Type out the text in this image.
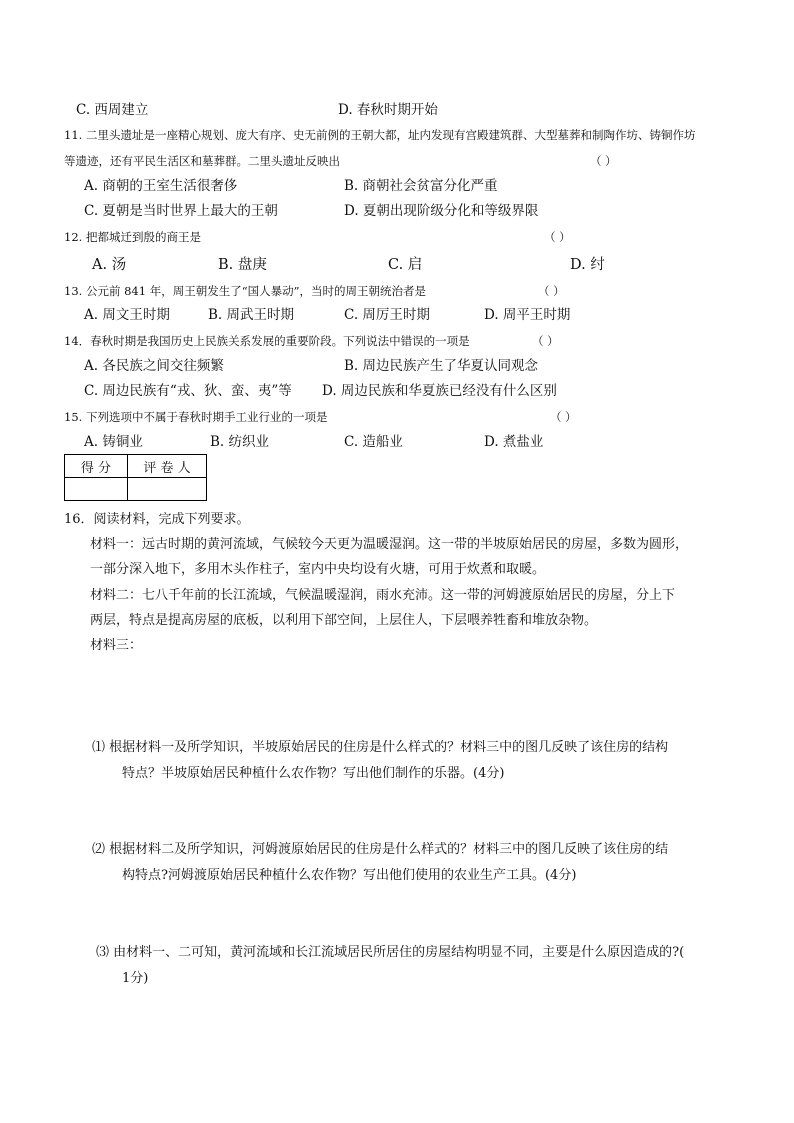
C. 西周建立	D. 春秋时期开始
11. 二里头遗址是一座精心规划、庞大有序、史无前例的王朝大都，址内发现有宫殿建筑群、大型墓葬和制陶作坊、铸铜作坊
等遗迹，还有平民生活区和墓葬群。二里头遗址反映出	（ ）
A. 商朝的王室生活很奢侈	B. 商朝社会贫富分化严重
C. 夏朝是当时世界上最大的王朝	D. 夏朝出现阶级分化和等级界限
12. 把都城迁到殷的商王是	（ ）
A. 汤	B. 盘庚	C. 启	D. 纣
13. 公元前 841 年，周王朝发生了“国人暴动”，当时的周王朝统治者是	（ ）
A. 周文王时期	B. 周武王时期	C. 周厉王时期	D. 周平王时期
14．春秋时期是我国历史上民族关系发展的重要阶段。下列说法中错误的一项是	（ ）
A. 各民族之间交往频繁	B. 周边民族产生了华夏认同观念
C. 周边民族有“戎、狄、蛮、夷”等 D. 周边民族和华夏族已经没有什么区别
15. 下列选项中不属于春秋时期手工业行业的一项是	（ ）
A. 铸铜业	B. 纺织业	C. 造船业	D. 煮盐业
得 分	评 卷 人

16．阅读材料，完成下列要求。
材料一：远古时期的黄河流域，气候较今天更为温暖湿润。这一带的半坡原始居民的房屋，多数为圆形，
一部分深入地下，多用木头作柱子，室内中央均设有火塘，可用于炊煮和取暖。
材料二：七八千年前的长江流域，气候温暖湿润，雨水充沛。这一带的河姆渡原始居民的房屋，分上下
两层，特点是提高房屋的底板，以利用下部空间，上层住人，下层喂养牲畜和堆放杂物。
材料三：
⑴ 根据材料一及所学知识，半坡原始居民的住房是什么样式的？材料三中的图几反映了该住房的结构
特点？半坡原始居民种植什么农作物？写出他们制作的乐器。(4分)
⑵ 根据材料二及所学知识，河姆渡原始居民的住房是什么样式的？材料三中的图几反映了该住房的结
构特点?河姆渡原始居民种植什么农作物？写出他们使用的农业生产工具。(4分)
⑶ 由材料一、二可知，黄河流域和长江流域居民所居住的房屋结构明显不同，主要是什么原因造成的?(
1分)
